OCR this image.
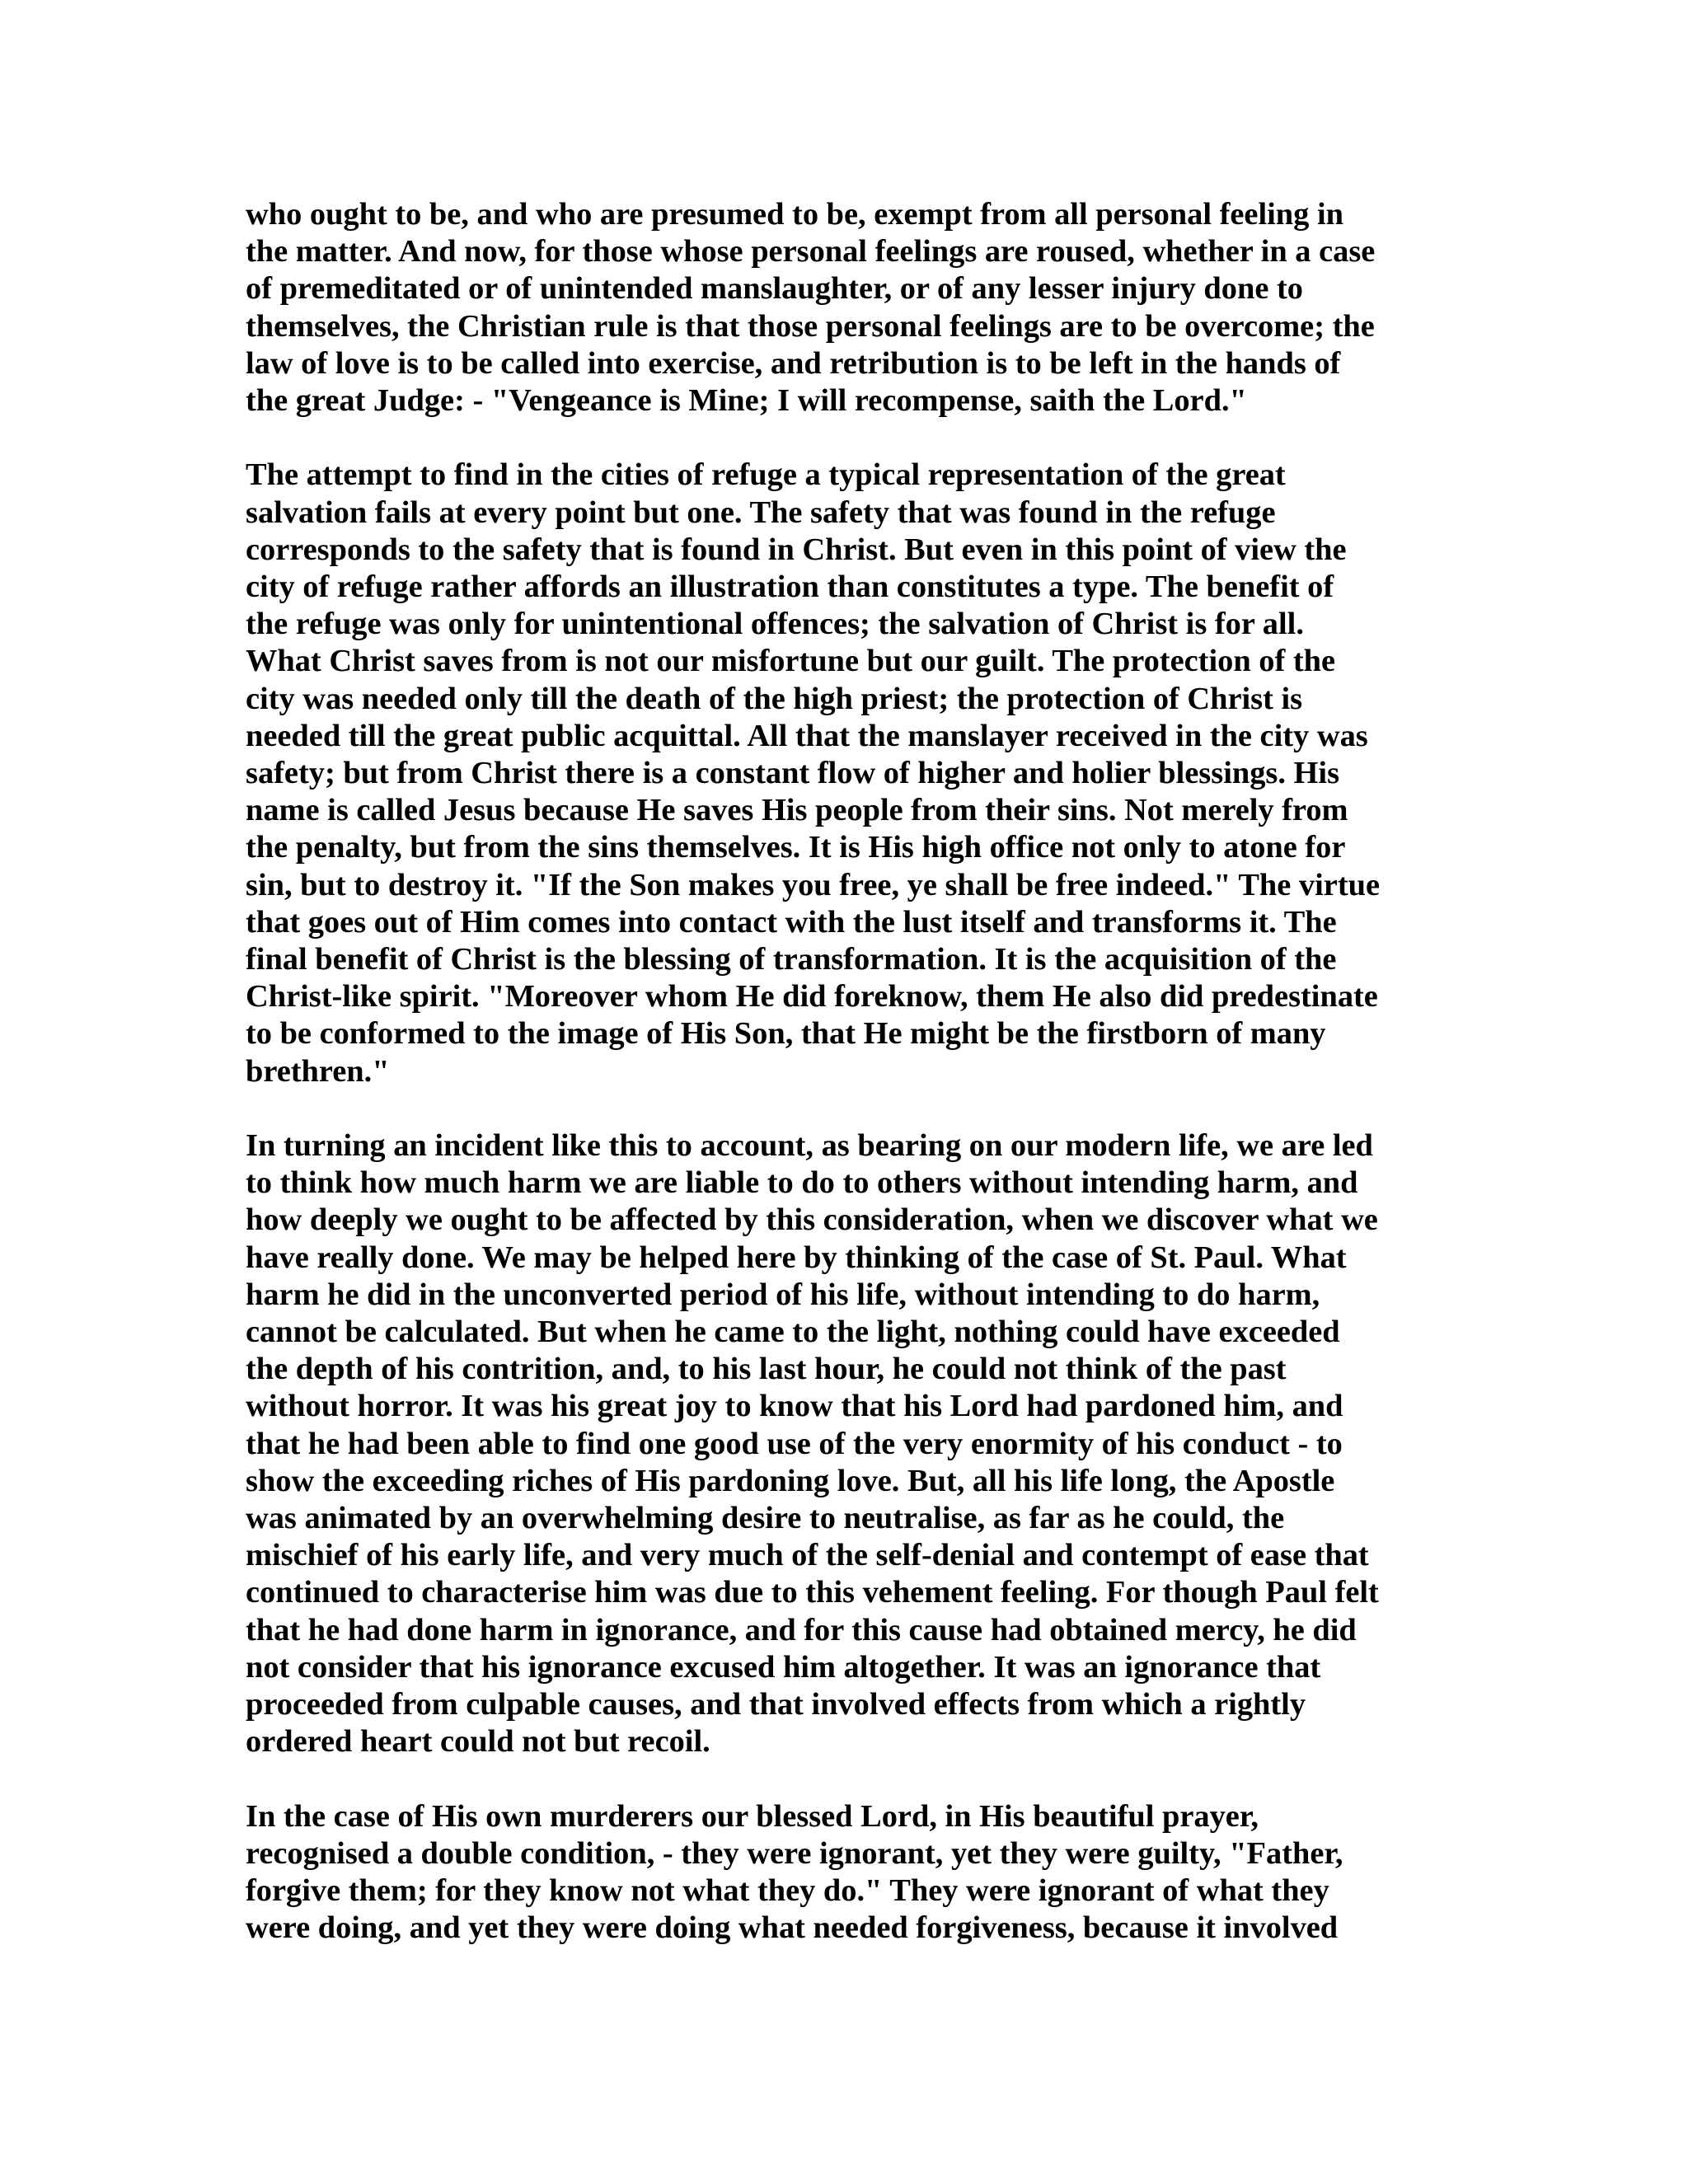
who ought to be, and who are presumed to be, exempt from all personal feeling in
the matter. And now, for those whose personal feelings are roused, whether in a case
of premeditated or of unintended manslaughter, or of any lesser injury done to
themselves, the Christian rule is that those personal feelings are to be overcome; the
law of love is to be called into exercise, and retribution is to be left in the hands of
the great Judge: - "Vengeance is Mine; I will recompense, saith the Lord."

The attempt to find in the cities of refuge a typical representation of the great
salvation fails at every point but one. The safety that was found in the refuge
corresponds to the safety that is found in Christ. But even in this point of view the
city of refuge rather affords an illustration than constitutes a type. The benefit of
the refuge was only for unintentional offences; the salvation of Christ is for all.
What Christ saves from is not our misfortune but our guilt. The protection of the
city was needed only till the death of the high priest; the protection of Christ is
needed till the great public acquittal. All that the manslayer received in the city was
safety; but from Christ there is a constant flow of higher and holier blessings. His
name is called Jesus because He saves His people from their sins. Not merely from
the penalty, but from the sins themselves. It is His high office not only to atone for
sin, but to destroy it. "If the Son makes you free, ye shall be free indeed." The virtue
that goes out of Him comes into contact with the lust itself and transforms it. The
final benefit of Christ is the blessing of transformation. It is the acquisition of the
Christ-like spirit. "Moreover whom He did foreknow, them He also did predestinate
to be conformed to the image of His Son, that He might be the firstborn of many
brethren."

In turning an incident like this to account, as bearing on our modern life, we are led
to think how much harm we are liable to do to others without intending harm, and
how deeply we ought to be affected by this consideration, when we discover what we
have really done. We may be helped here by thinking of the case of St. Paul. What
harm he did in the unconverted period of his life, without intending to do harm,
cannot be calculated. But when he came to the light, nothing could have exceeded
the depth of his contrition, and, to his last hour, he could not think of the past
without horror. It was his great joy to know that his Lord had pardoned him, and
that he had been able to find one good use of the very enormity of his conduct - to
show the exceeding riches of His pardoning love. But, all his life long, the Apostle
was animated by an overwhelming desire to neutralise, as far as he could, the
mischief of his early life, and very much of the self-denial and contempt of ease that
continued to characterise him was due to this vehement feeling. For though Paul felt
that he had done harm in ignorance, and for this cause had obtained mercy, he did
not consider that his ignorance excused him altogether. It was an ignorance that
proceeded from culpable causes, and that involved effects from which a rightly
ordered heart could not but recoil.

In the case of His own murderers our blessed Lord, in His beautiful prayer,
recognised a double condition, - they were ignorant, yet they were guilty, "Father,
forgive them; for they know not what they do." They were ignorant of what they
were doing, and yet they were doing what needed forgiveness, because it involved
